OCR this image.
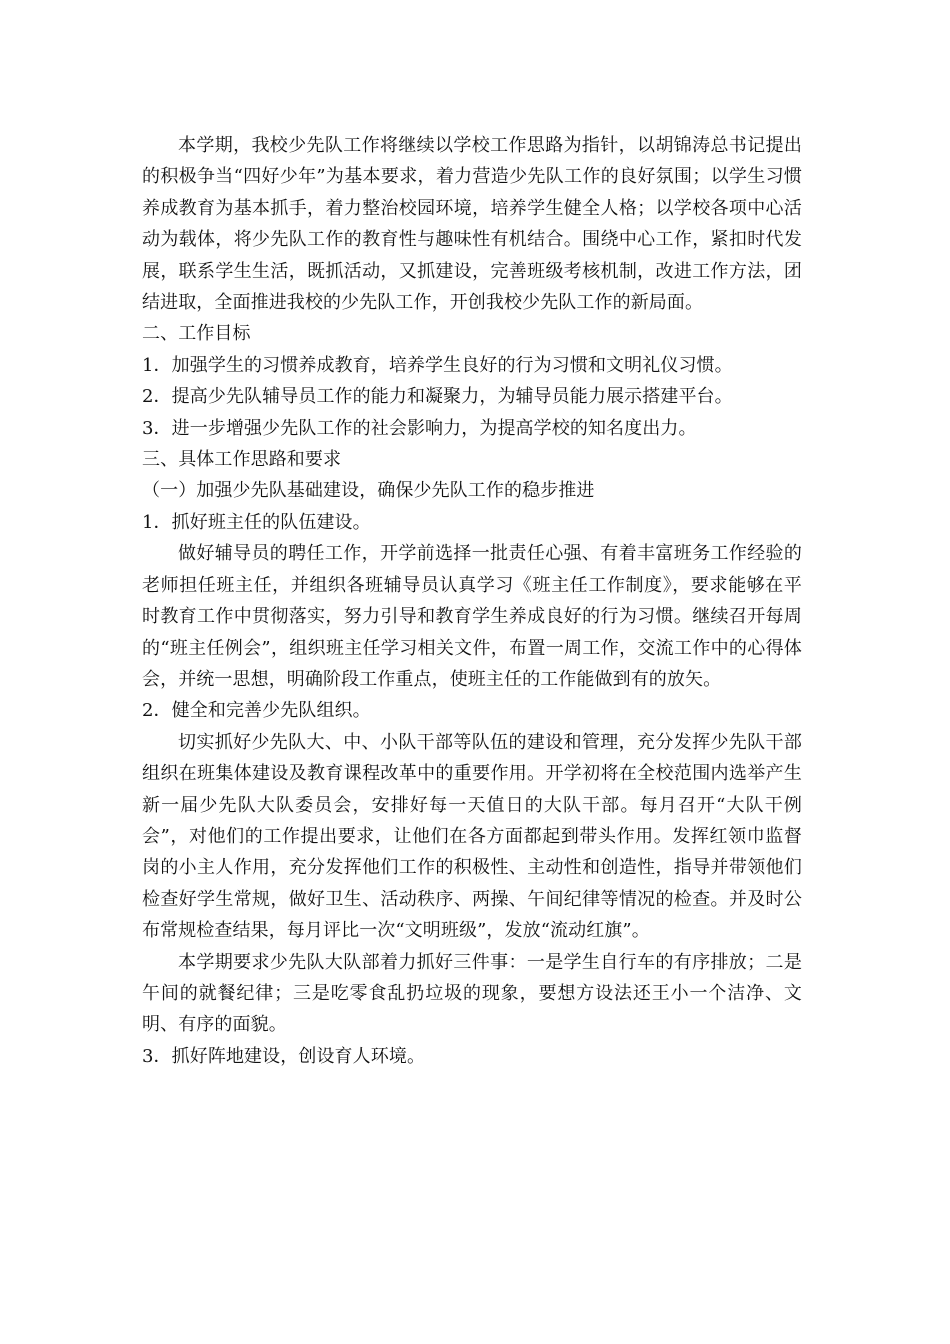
本学期，我校少先队工作将继续以学校工作思路为指针，以胡锦涛总书记提出的积极争当“四好少年”为基本要求，着力营造少先队工作的良好氛围；以学生习惯养成教育为基本抓手，着力整治校园环境，培养学生健全人格；以学校各项中心活动为载体，将少先队工作的教育性与趣味性有机结合。围绕中心工作，紧扣时代发展，联系学生生活，既抓活动，又抓建设，完善班级考核机制，改进工作方法，团结进取，全面推进我校的少先队工作，开创我校少先队工作的新局面。

二、工作目标

1．加强学生的习惯养成教育，培养学生良好的行为习惯和文明礼仪习惯。

2．提高少先队辅导员工作的能力和凝聚力，为辅导员能力展示搭建平台。

3．进一步增强少先队工作的社会影响力，为提高学校的知名度出力。

三、具体工作思路和要求

（一）加强少先队基础建设，确保少先队工作的稳步推进

1．抓好班主任的队伍建设。

做好辅导员的聘任工作，开学前选择一批责任心强、有着丰富班务工作经验的老师担任班主任，并组织各班辅导员认真学习《班主任工作制度》，要求能够在平时教育工作中贯彻落实，努力引导和教育学生养成良好的行为习惯。继续召开每周的“班主任例会”，组织班主任学习相关文件，布置一周工作，交流工作中的心得体会，并统一思想，明确阶段工作重点，使班主任的工作能做到有的放矢。

2．健全和完善少先队组织。

切实抓好少先队大、中、小队干部等队伍的建设和管理，充分发挥少先队干部组织在班集体建设及教育课程改革中的重要作用。开学初将在全校范围内选举产生新一届少先队大队委员会，安排好每一天值日的大队干部。每月召开“大队干例会”，对他们的工作提出要求，让他们在各方面都起到带头作用。发挥红领巾监督岗的小主人作用，充分发挥他们工作的积极性、主动性和创造性，指导并带领他们检查好学生常规，做好卫生、活动秩序、两操、午间纪律等情况的检查。并及时公布常规检查结果，每月评比一次“文明班级”，发放“流动红旗”。

本学期要求少先队大队部着力抓好三件事：一是学生自行车的有序排放；二是午间的就餐纪律；三是吃零食乱扔垃圾的现象，要想方设法还王小一个洁净、文明、有序的面貌。

3．抓好阵地建设，创设育人环境。
